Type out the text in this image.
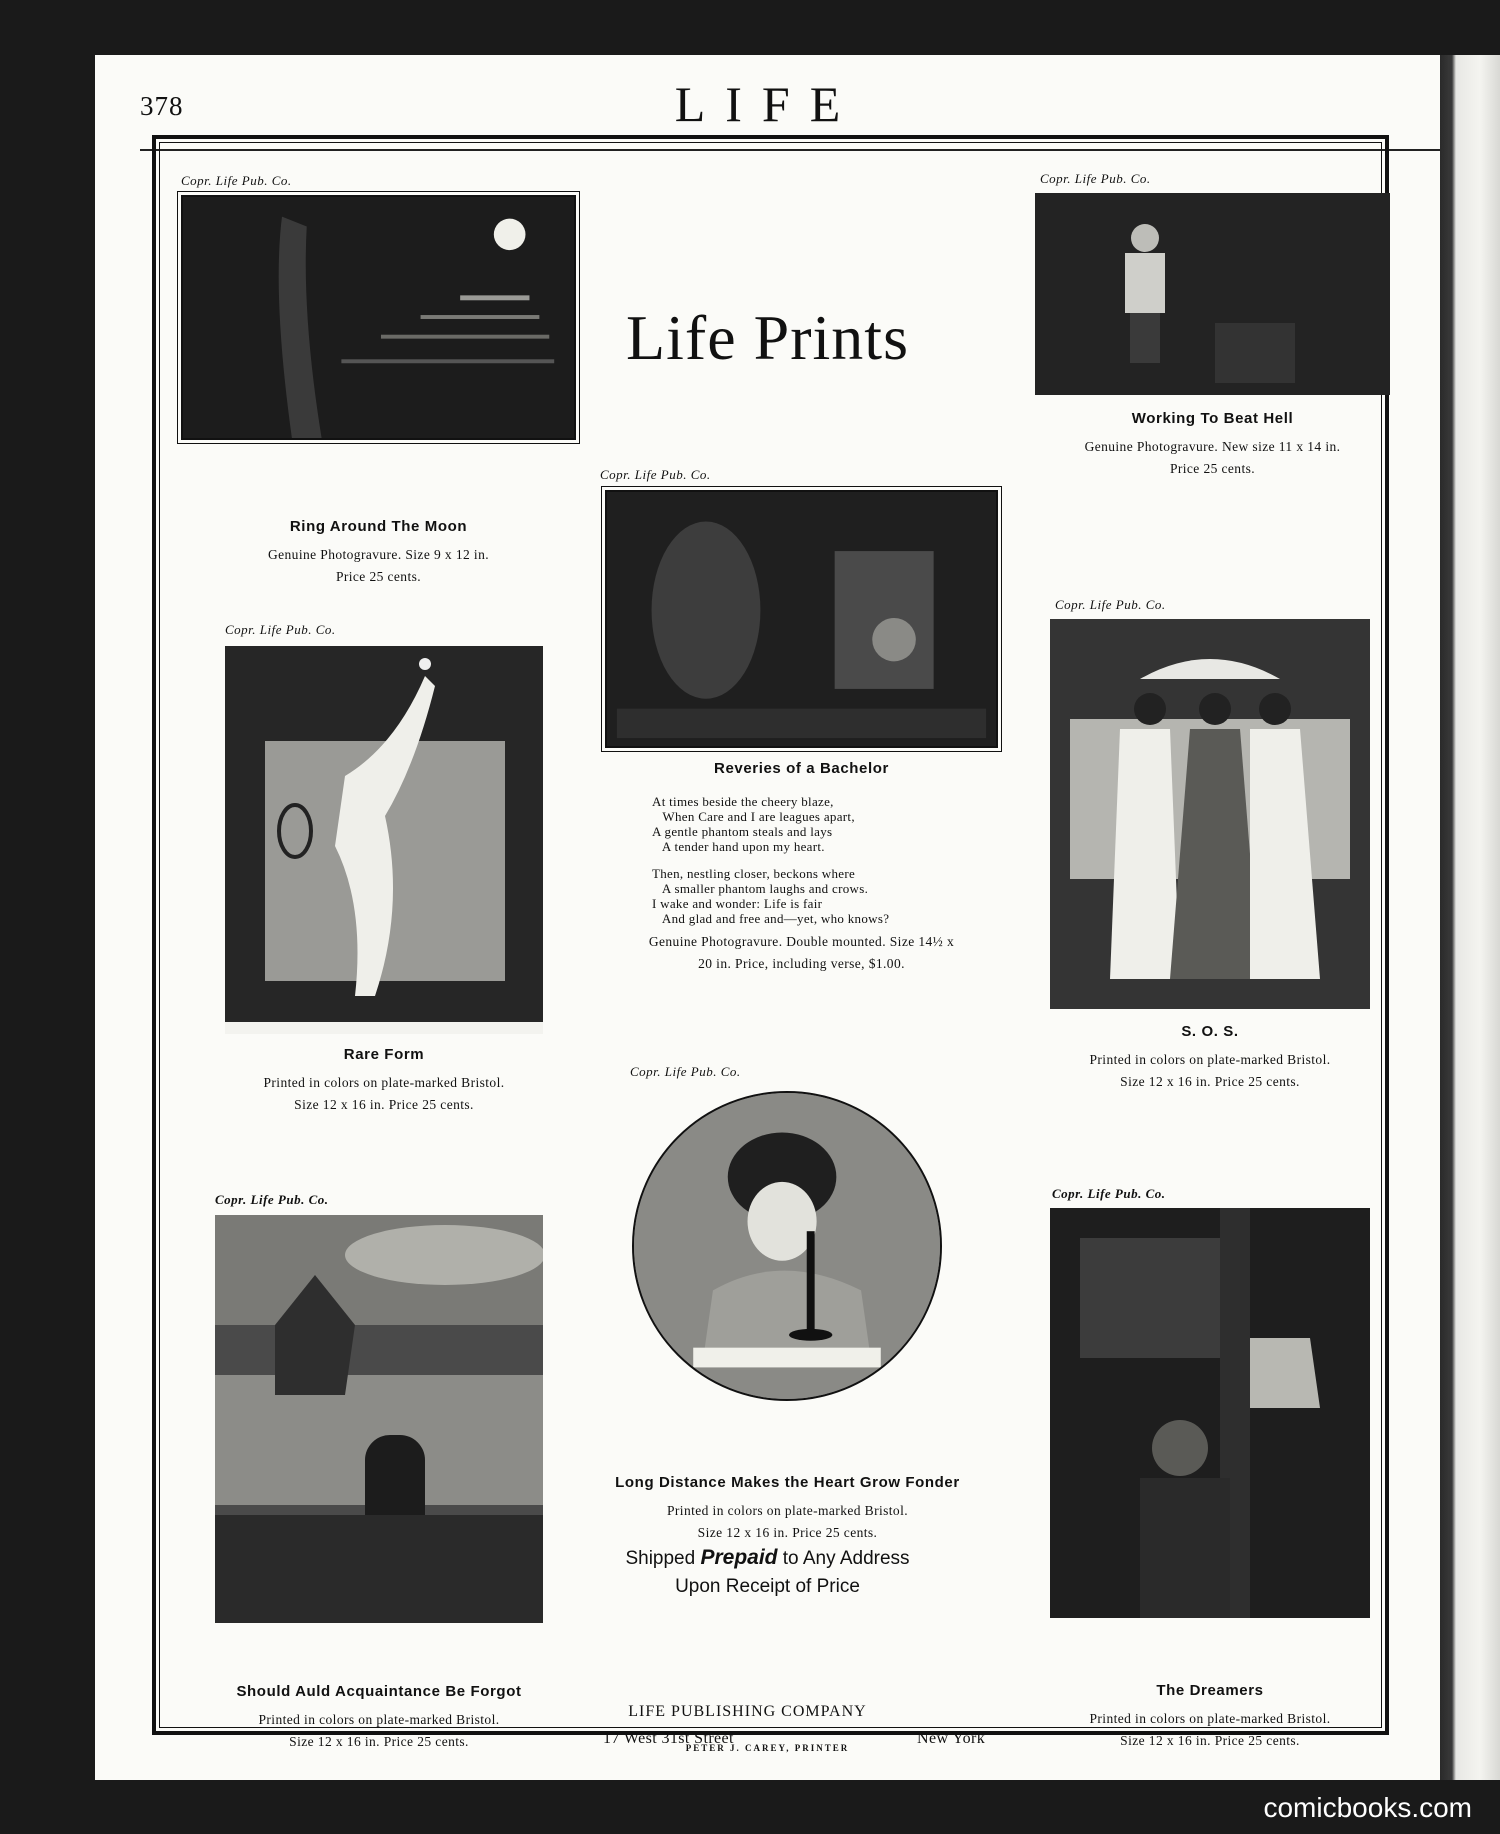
378	LIFE
Life Prints
Copr. Life Pub. Co.
Ring Around The Moon
Genuine Photogravure. Size 9 x 12 in.
Price 25 cents.
Copr. Life Pub. Co.
Working To Beat Hell
Genuine Photogravure. New size 11 x 14 in.
Price 25 cents.
Copr. Life Pub. Co.
Reveries of a Bachelor
At times beside the cheery blaze,
When Care and I are leagues apart,
A gentle phantom steals and lays
A tender hand upon my heart.
Then, nestling closer, beckons where
A smaller phantom laughs and crows.
I wake and wonder: Life is fair
And glad and free and—yet, who knows?
Genuine Photogravure. Double mounted. Size 14½ x
20 in. Price, including verse, $1.00.
Copr. Life Pub. Co.
Rare Form
Printed in colors on plate-marked Bristol.
Size 12 x 16 in. Price 25 cents.
Copr. Life Pub. Co.
S. O. S.
Printed in colors on plate-marked Bristol.
Size 12 x 16 in. Price 25 cents.
Copr. Life Pub. Co.
Long Distance Makes the Heart Grow Fonder
Printed in colors on plate-marked Bristol.
Size 12 x 16 in. Price 25 cents.
Copr. Life Pub. Co.
Should Auld Acquaintance Be Forgot
Printed in colors on plate-marked Bristol.
Size 12 x 16 in. Price 25 cents.
Copr. Life Pub. Co.
The Dreamers
Printed in colors on plate-marked Bristol.
Size 12 x 16 in. Price 25 cents.
Shipped Prepaid to Any Address
Upon Receipt of Price
LIFE PUBLISHING COMPANY
17 West 31st Street	New York
PETER J. CAREY, PRINTER
comicbooks.com
